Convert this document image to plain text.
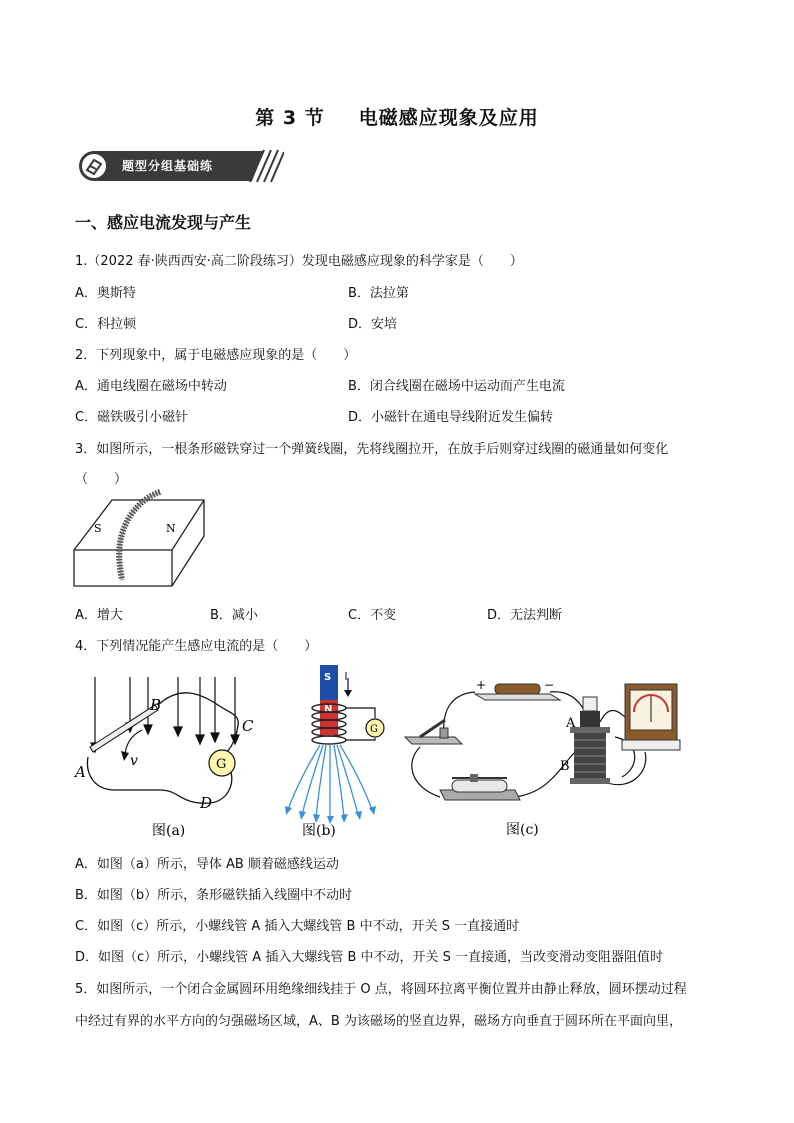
第 3 节 电磁感应现象及应用
题型分组基础练
一、感应电流发现与产生
1.（2022 春·陕西西安·高二阶段练习）发现电磁感应现象的科学家是（　　）
A．奥斯特	B．法拉第
C．科拉顿	D．安培
2．下列现象中，属于电磁感应现象的是（　　）
A．通电线圈在磁场中转动	B．闭合线圈在磁场中运动而产生电流
C．磁铁吸引小磁针	D．小磁针在通电导线附近发生偏转
3．如图所示，一根条形磁铁穿过一个弹簧线圈，先将线圈拉开，在放手后则穿过线圈的磁通量如何变化
（　　）
S	N
A．增大	B．减小	C．不变	D．无法判断
4．下列情况能产生感应电流的是（　　）
G
A
B
C
D
v
图(a)
S
N
G
图(b)
+	−
A
B
图(c)
A．如图（a）所示，导体 AB 顺着磁感线运动
B．如图（b）所示，条形磁铁插入线圈中不动时
C．如图（c）所示，小螺线管 A 插入大螺线管 B 中不动，开关 S 一直接通时
D．如图（c）所示，小螺线管 A 插入大螺线管 B 中不动，开关 S 一直接通，当改变滑动变阻器阻值时
5．如图所示，一个闭合金属圆环用绝缘细线挂于 O 点，将圆环拉离平衡位置并由静止释放，圆环摆动过程
中经过有界的水平方向的匀强磁场区域，A、B 为该磁场的竖直边界，磁场方向垂直于圆环所在平面向里，
